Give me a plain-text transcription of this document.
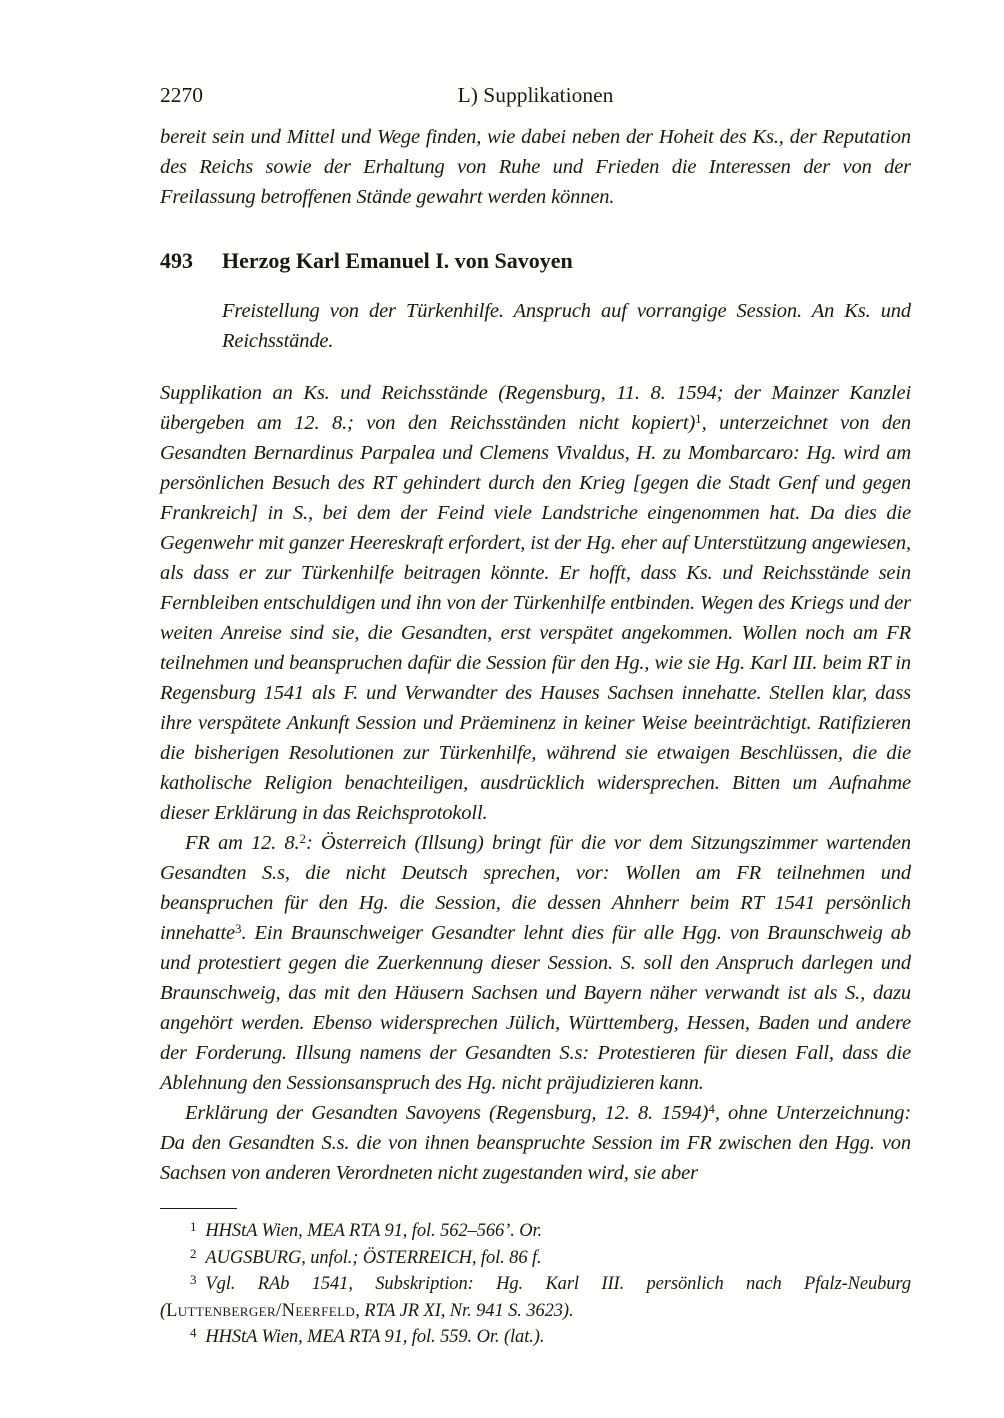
2270	L) Supplikationen

bereit sein und Mittel und Wege finden, wie dabei neben der Hoheit des Ks., der Reputation des Reichs sowie der Erhaltung von Ruhe und Frieden die Interessen der von der Freilassung betroffenen Stände gewahrt werden können.

493	Herzog Karl Emanuel I. von Savoyen

Freistellung von der Türkenhilfe. Anspruch auf vorrangige Session. An Ks. und Reichsstände.

Supplikation an Ks. und Reichsstände (Regensburg, 11. 8. 1594; der Mainzer Kanzlei übergeben am 12. 8.; von den Reichsständen nicht kopiert)$^1$, unterzeichnet von den Gesandten Bernardinus Parpalea und Clemens Vivaldus, H. zu Mombarcaro: Hg. wird am persönlichen Besuch des RT gehindert durch den Krieg [gegen die Stadt Genf und gegen Frankreich] in S., bei dem der Feind viele Landstriche eingenommen hat. Da dies die Gegenwehr mit ganzer Heereskraft erfordert, ist der Hg. eher auf Unterstützung angewiesen, als dass er zur Türkenhilfe beitragen könnte. Er hofft, dass Ks. und Reichsstände sein Fernbleiben entschuldigen und ihn von der Türkenhilfe entbinden. Wegen des Kriegs und der weiten Anreise sind sie, die Gesandten, erst verspätet angekommen. Wollen noch am FR teilnehmen und beanspruchen dafür die Session für den Hg., wie sie Hg. Karl III. beim RT in Regensburg 1541 als F. und Verwandter des Hauses Sachsen innehatte. Stellen klar, dass ihre verspätete Ankunft Session und Präeminenz in keiner Weise beeinträchtigt. Ratifizieren die bisherigen Resolutionen zur Türkenhilfe, während sie etwaigen Beschlüssen, die die katholische Religion benachteiligen, ausdrücklich widersprechen. Bitten um Aufnahme dieser Erklärung in das Reichsprotokoll.

FR am 12. 8.$^2$: Österreich (Illsung) bringt für die vor dem Sitzungszimmer wartenden Gesandten S.s, die nicht Deutsch sprechen, vor: Wollen am FR teilnehmen und beanspruchen für den Hg. die Session, die dessen Ahnherr beim RT 1541 persönlich innehatte$^3$. Ein Braunschweiger Gesandter lehnt dies für alle Hgg. von Braunschweig ab und protestiert gegen die Zuerkennung dieser Session. S. soll den Anspruch darlegen und Braunschweig, das mit den Häusern Sachsen und Bayern näher verwandt ist als S., dazu angehört werden. Ebenso widersprechen Jülich, Württemberg, Hessen, Baden und andere der Forderung. Illsung namens der Gesandten S.s: Protestieren für diesen Fall, dass die Ablehnung den Sessionsanspruch des Hg. nicht präjudizieren kann.

Erklärung der Gesandten Savoyens (Regensburg, 12. 8. 1594)$^4$, ohne Unterzeichnung: Da den Gesandten S.s. die von ihnen beanspruchte Session im FR zwischen den Hgg. von Sachsen von anderen Verordneten nicht zugestanden wird, sie aber

$^1$ HHStA Wien, MEA RTA 91, fol. 562–566’. Or.

$^2$ AUGSBURG, unfol.; ÖSTERREICH, fol. 86 f.

$^3$ Vgl. RAb 1541, Subskription: Hg. Karl III. persönlich nach Pfalz-Neuburg (Luttenberger/Neerfeld, RTA JR XI, Nr. 941 S. 3623).

$^4$ HHStA Wien, MEA RTA 91, fol. 559. Or. (lat.).
